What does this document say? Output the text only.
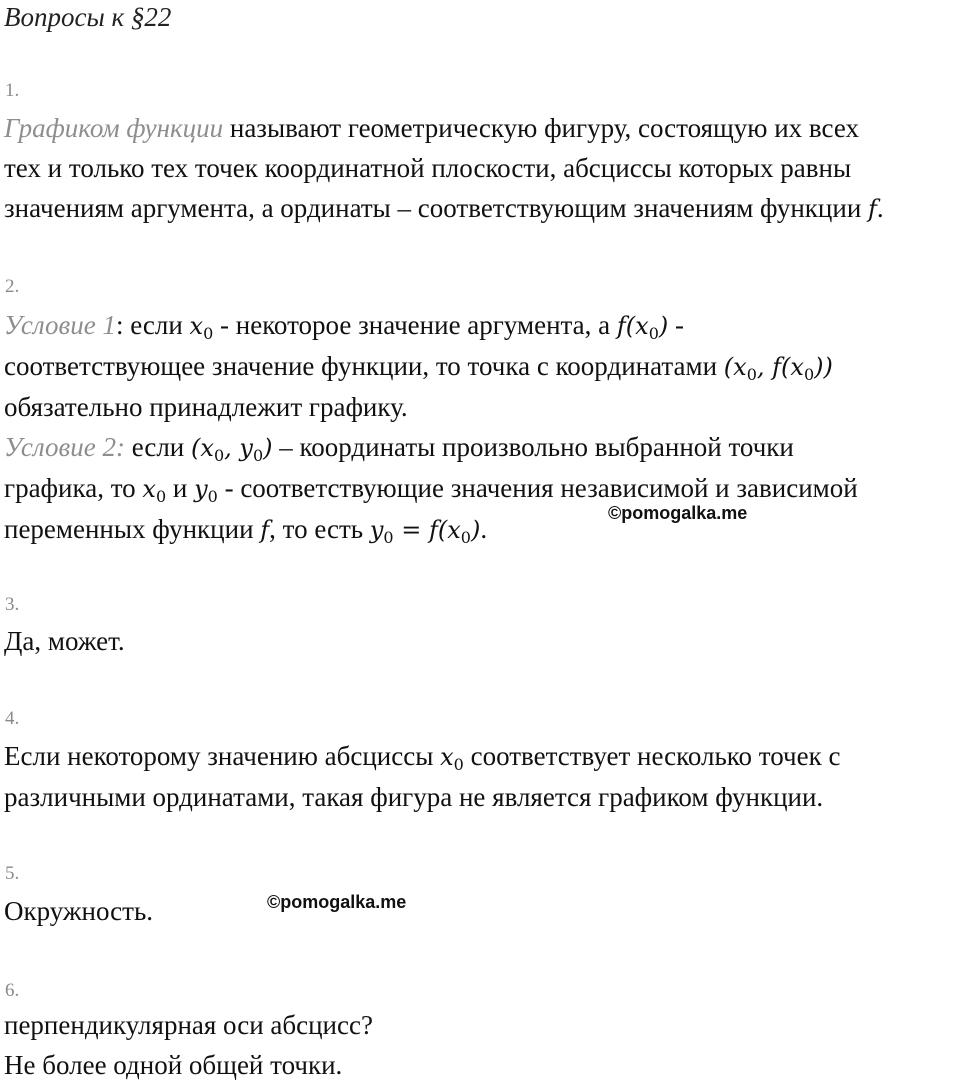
Вопросы к §22
1.
Графиком функции называют геометрическую фигуру, состоящую их всех
тех и только тех точек координатной плоскости, абсциссы которых равны
значениям аргумента, а ординаты – соответствующим значениям функции f.
2.
Условие 1: если $x_0$ - некоторое значение аргумента, а $f(x_0)$ -
соответствующее значение функции, то точка с координатами ($x_0$, $f(x_0)$)
обязательно принадлежит графику.
Условие 2: если ($x_0$, $y_0$) – координаты произвольно выбранной точки
графика, то $x_0$ и $y_0$ - соответствующие значения независимой и зависимой
переменных функции f, то есть $y_0 = f(x_0)$.
©pomogalka.me
3.
Да, может.
4.
Если некоторому значению абсциссы $x_0$ соответствует несколько точек с
различными ординатами, такая фигура не является графиком функции.
5.
Окружность.	©pomogalka.me
6.
перпендикулярная оси абсцисс?
Не более одной общей точки.
